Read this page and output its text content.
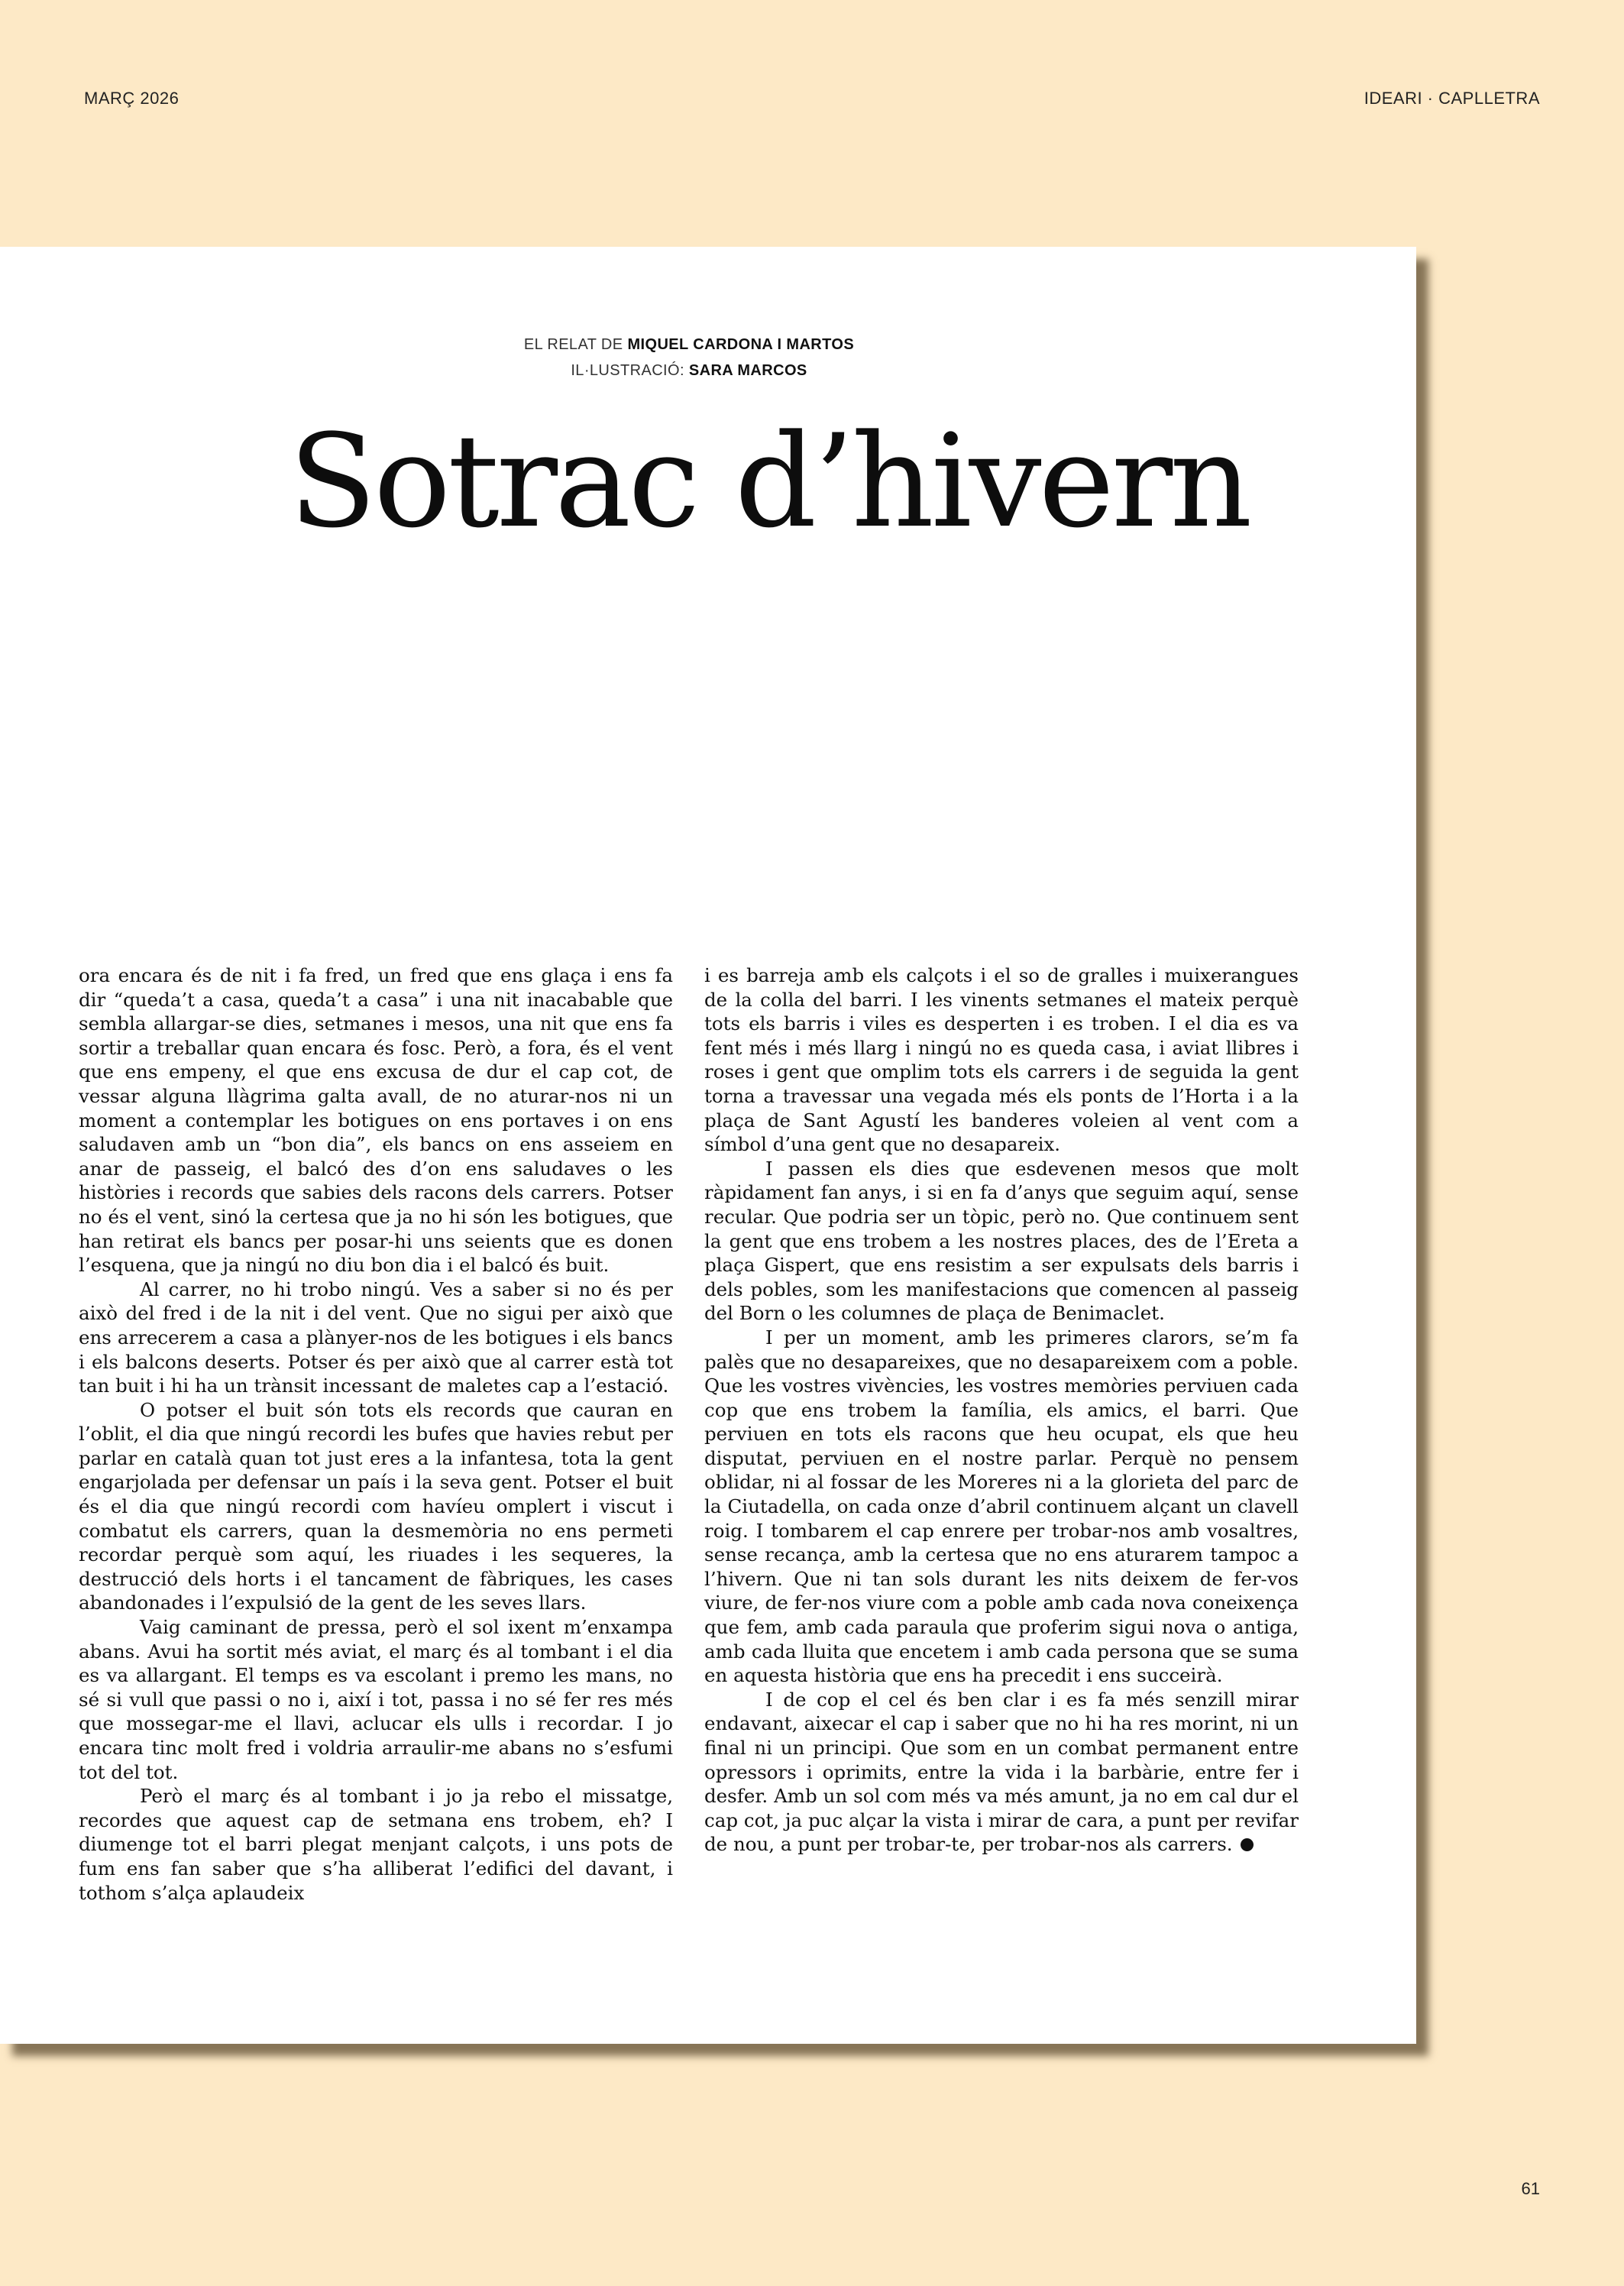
MARÇ 2026	IDEARI · CAPLLETRA
EL RELAT DE MIQUEL CARDONA I MARTOS
IL·LUSTRACIÓ: SARA MARCOS
Sotrac d’hivern

ora encara és de nit i fa fred, un fred que ens glaça i ens fa dir “queda’t a casa, queda’t a casa” i una nit inacabable que sembla allargar-se dies, setmanes i mesos, una nit que ens fa sortir a treballar quan encara és fosc. Però, a fora, és el vent que ens empeny, el que ens excusa de dur el cap cot, de vessar alguna llàgrima galta avall, de no aturar-nos ni un moment a contemplar les botigues on ens portaves i on ens saludaven amb un “bon dia”, els bancs on ens asseiem en anar de passeig, el balcó des d’on ens saludaves o les històries i records que sabies dels racons dels carrers. Potser no és el vent, sinó la certesa que ja no hi són les botigues, que han retirat els bancs per posar-hi uns seients que es donen l’esquena, que ja ningú no diu bon dia i el balcó és buit.

Al carrer, no hi trobo ningú. Ves a saber si no és per això del fred i de la nit i del vent. Que no sigui per això que ens arrecerem a casa a plànyer-nos de les botigues i els bancs i els balcons deserts. Potser és per això que al carrer està tot tan buit i hi ha un trànsit incessant de maletes cap a l’estació.

O potser el buit són tots els records que cauran en l’oblit, el dia que ningú recordi les bufes que havies rebut per parlar en català quan tot just eres a la infantesa, tota la gent engarjolada per defensar un país i la seva gent. Potser el buit és el dia que ningú recordi com havíeu omplert i viscut i combatut els carrers, quan la desmemòria no ens permeti recordar perquè som aquí, les riuades i les sequeres, la destrucció dels horts i el tancament de fàbriques, les cases abandonades i l’expulsió de la gent de les seves llars.

Vaig caminant de pressa, però el sol ixent m’enxampa abans. Avui ha sortit més aviat, el març és al tombant i el dia es va allargant. El temps es va escolant i premo les mans, no sé si vull que passi o no i, així i tot, passa i no sé fer res més que mossegar-me el llavi, aclucar els ulls i recordar. I jo encara tinc molt fred i voldria arraulir-me abans no s’esfumi tot del tot.

Però el març és al tombant i jo ja rebo el missatge, recordes que aquest cap de setmana ens trobem, eh? I diumenge tot el barri plegat menjant calçots, i uns pots de fum ens fan saber que s’ha alliberat l’edifici del davant, i tothom s’alça aplaudeix

i es barreja amb els calçots i el so de gralles i muixerangues de la colla del barri. I les vinents setmanes el mateix perquè tots els barris i viles es desperten i es troben. I el dia es va fent més i més llarg i ningú no es queda casa, i aviat llibres i roses i gent que omplim tots els carrers i de seguida la gent torna a travessar una vegada més els ponts de l’Horta i a la plaça de Sant Agustí les banderes voleien al vent com a símbol d’una gent que no desapareix.

I passen els dies que esdevenen mesos que molt ràpidament fan anys, i si en fa d’anys que seguim aquí, sense recular. Que podria ser un tòpic, però no. Que continuem sent la gent que ens trobem a les nostres places, des de l’Ereta a plaça Gispert, que ens resistim a ser expulsats dels barris i dels pobles, som les manifestacions que comencen al passeig del Born o les columnes de plaça de Benimaclet.

I per un moment, amb les primeres clarors, se’m fa palès que no desapareixes, que no desapareixem com a poble. Que les vostres vivències, les vostres memòries perviuen cada cop que ens trobem la família, els amics, el barri. Que perviuen en tots els racons que heu ocupat, els que heu disputat, perviuen en el nostre parlar. Perquè no pensem oblidar, ni al fossar de les Moreres ni a la glorieta del parc de la Ciutadella, on cada onze d’abril continuem alçant un clavell roig. I tombarem el cap enrere per trobar-nos amb vosaltres, sense recança, amb la certesa que no ens aturarem tampoc a l’hivern. Que ni tan sols durant les nits deixem de fer-vos viure, de fer-nos viure com a poble amb cada nova coneixença que fem, amb cada paraula que proferim sigui nova o antiga, amb cada lluita que encetem i amb cada persona que se suma en aquesta història que ens ha precedit i ens succeirà.

I de cop el cel és ben clar i es fa més senzill mirar endavant, aixecar el cap i saber que no hi ha res morint, ni un final ni un principi. Que som en un combat permanent entre opressors i oprimits, entre la vida i la barbàrie, entre fer i desfer. Amb un sol com més va més amunt, ja no em cal dur el cap cot, ja puc alçar la vista i mirar de cara, a punt per revifar de nou, a punt per trobar-te, per trobar-nos als carrers.

61
